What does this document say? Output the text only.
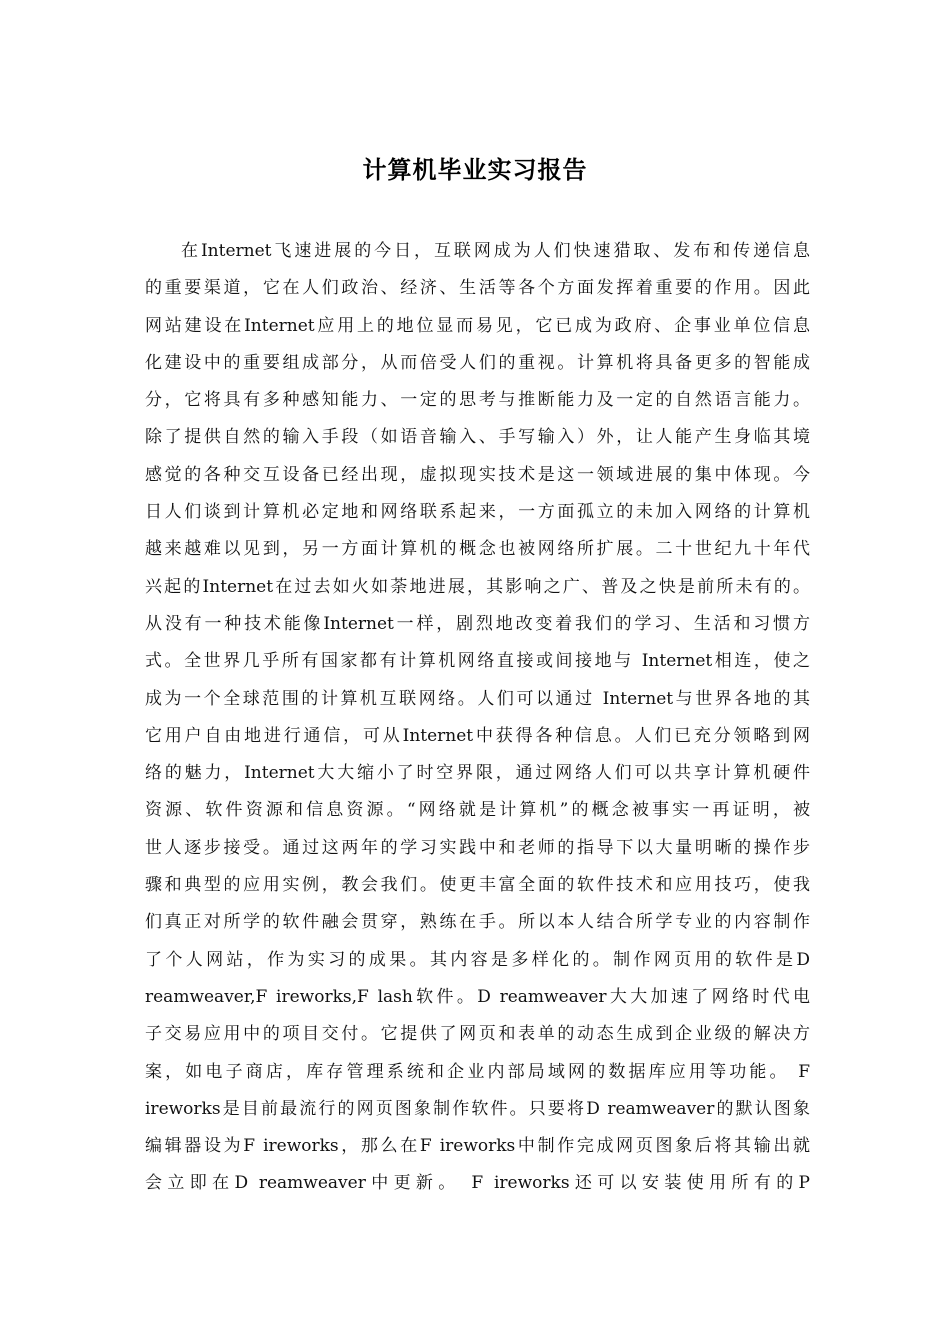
计算机毕业实习报告
在Internet飞速进展的今日，互联网成为人们快速猎取、发布和传递信息
的重要渠道，它在人们政治、经济、生活等各个方面发挥着重要的作用。因此
网站建设在Internet应用上的地位显而易见，它已成为政府、企事业单位信息
化建设中的重要组成部分，从而倍受人们的重视。计算机将具备更多的智能成
分，它将具有多种感知能力、一定的思考与推断能力及一定的自然语言能力。
除了提供自然的输入手段（如语音输入、手写输入）外，让人能产生身临其境
感觉的各种交互设备已经出现，虚拟现实技术是这一领域进展的集中体现。今
日人们谈到计算机必定地和网络联系起来，一方面孤立的未加入网络的计算机
越来越难以见到，另一方面计算机的概念也被网络所扩展。二十世纪九十年代
兴起的Internet在过去如火如荼地进展，其影响之广、普及之快是前所未有的。
从没有一种技术能像Internet一样，剧烈地改变着我们的学习、生活和习惯方
式。全世界几乎所有国家都有计算机网络直接或间接地与 Internet相连，使之
成为一个全球范围的计算机互联网络。人们可以通过 Internet与世界各地的其
它用户自由地进行通信，可从Internet中获得各种信息。人们已充分领略到网
络的魅力，Internet大大缩小了时空界限，通过网络人们可以共享计算机硬件
资源、软件资源和信息资源。“网络就是计算机”的概念被事实一再证明，被
世人逐步接受。通过这两年的学习实践中和老师的指导下以大量明晰的操作步
骤和典型的应用实例，教会我们。使更丰富全面的软件技术和应用技巧，使我
们真正对所学的软件融会贯穿，熟练在手。所以本人结合所学专业的内容制作
了个人网站，作为实习的成果。其内容是多样化的。制作网页用的软件是D
reamweaver,F ireworks,F lash软件。D reamweaver大大加速了网络时代电
子交易应用中的项目交付。它提供了网页和表单的动态生成到企业级的解决方
案，如电子商店，库存管理系统和企业内部局域网的数据库应用等功能。 F
ireworks是目前最流行的网页图象制作软件。只要将D reamweaver的默认图象
编辑器设为F ireworks，那么在F ireworks中制作完成网页图象后将其输出就
会立即在D reamweaver中更新。 F ireworks还可以安装使用所有的P
